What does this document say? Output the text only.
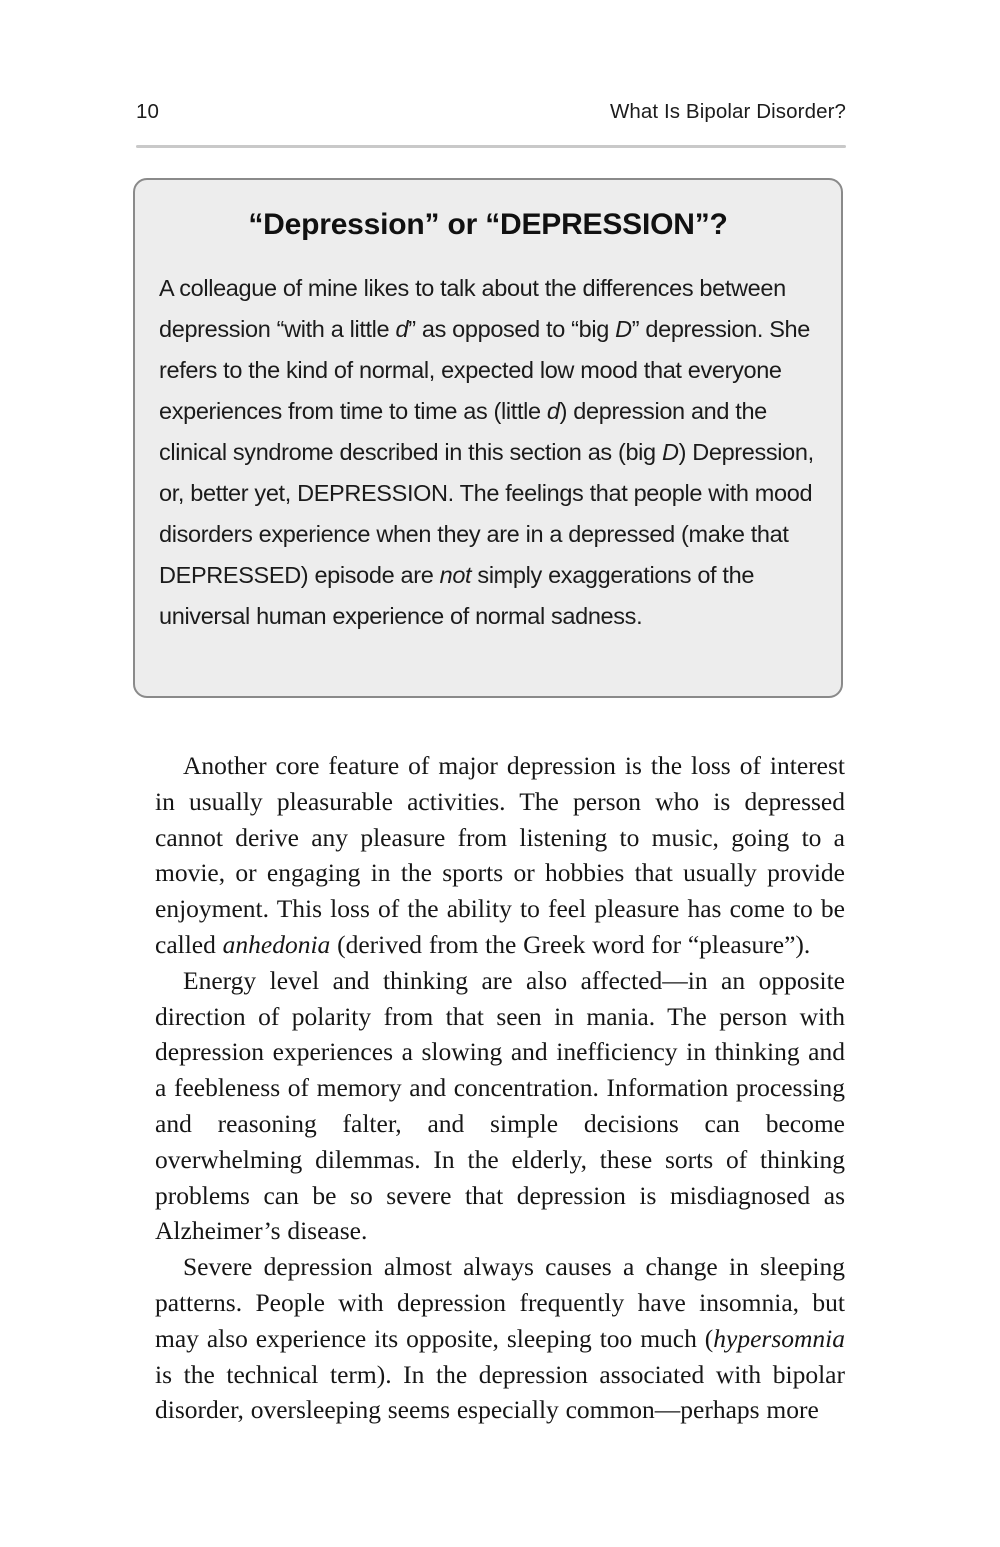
10	What Is Bipolar Disorder?
“Depression” or “DEPRESSION”?
A colleague of mine likes to talk about the differences between depression “with a little d” as opposed to “big D” depression. She refers to the kind of normal, expected low mood that everyone experiences from time to time as (little d) depression and the clinical syndrome described in this section as (big D) Depression, or, better yet, DEPRESSION. The feelings that people with mood disorders experience when they are in a depressed (make that DEPRESSED) episode are not simply exaggerations of the universal human experience of normal sadness.

Another core feature of major depression is the loss of interest in usually pleasurable activities. The person who is depressed cannot derive any pleasure from listening to music, going to a movie, or engaging in the sports or hobbies that usually provide enjoyment. This loss of the ability to feel pleasure has come to be called anhedonia (derived from the Greek word for “pleasure”).

Energy level and thinking are also affected—in an opposite direction of polarity from that seen in mania. The person with depression experiences a slowing and inefficiency in thinking and a feebleness of memory and concentration. Information processing and reasoning falter, and simple decisions can become overwhelming dilemmas. In the elderly, these sorts of thinking problems can be so severe that depression is misdiagnosed as Alzheimer’s disease.

Severe depression almost always causes a change in sleeping patterns. People with depression frequently have insomnia, but may also experience its opposite, sleeping too much (hypersomnia is the technical term). In the depression associated with bipolar disorder, oversleeping seems especially common—perhaps more
